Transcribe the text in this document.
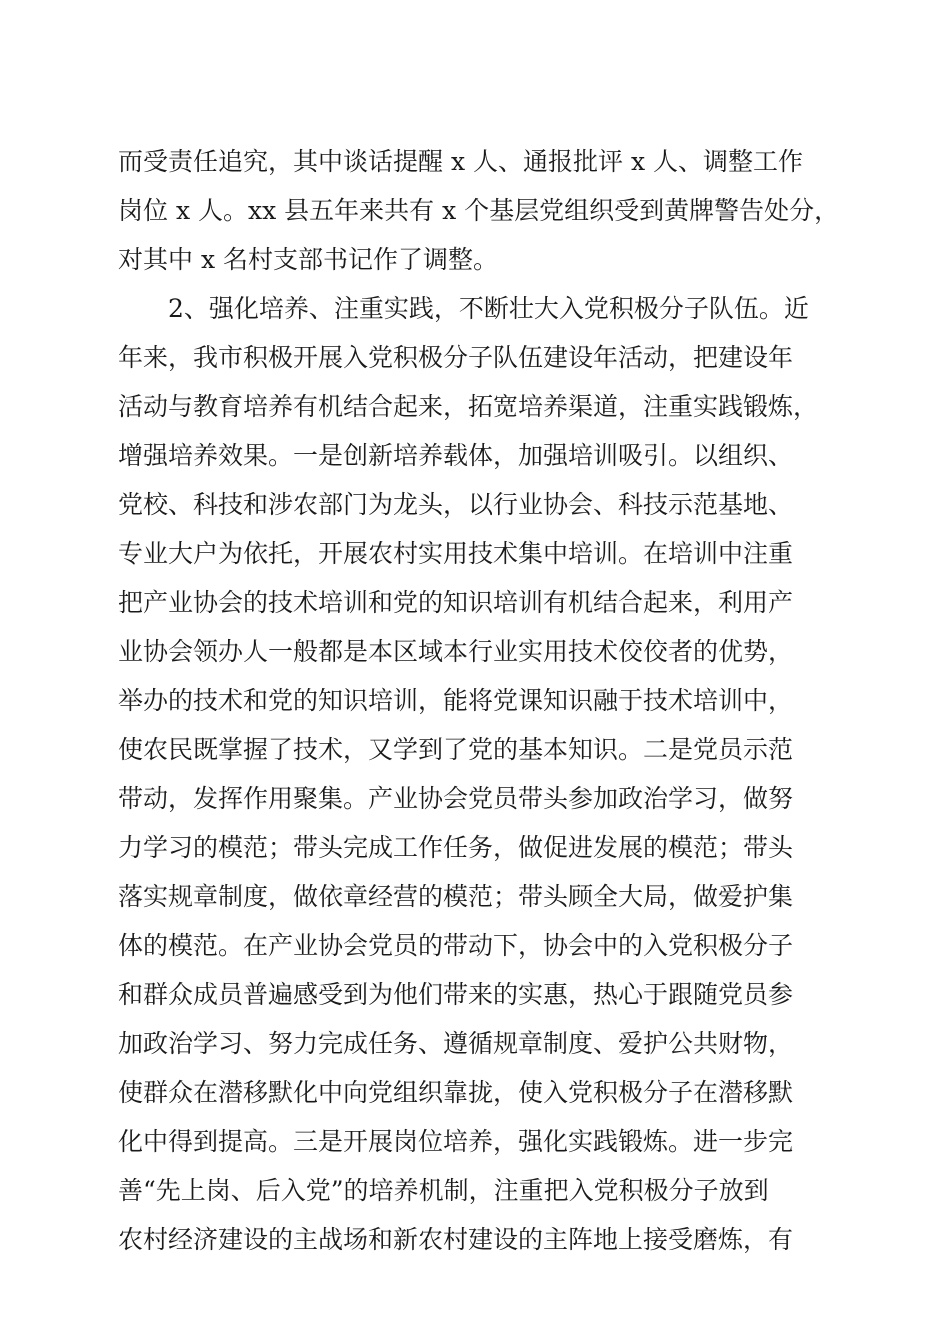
而受责任追究，其中谈话提醒 x 人、通报批评 x 人、调整工作
岗位 x 人。xx 县五年来共有 x 个基层党组织受到黄牌警告处分，
对其中 x 名村支部书记作了调整。
2、强化培养、注重实践，不断壮大入党积极分子队伍。近
年来，我市积极开展入党积极分子队伍建设年活动，把建设年
活动与教育培养有机结合起来，拓宽培养渠道，注重实践锻炼，
增强培养效果。一是创新培养载体，加强培训吸引。以组织、
党校、科技和涉农部门为龙头，以行业协会、科技示范基地、
专业大户为依托，开展农村实用技术集中培训。在培训中注重
把产业协会的技术培训和党的知识培训有机结合起来，利用产
业协会领办人一般都是本区域本行业实用技术佼佼者的优势，
举办的技术和党的知识培训，能将党课知识融于技术培训中，
使农民既掌握了技术，又学到了党的基本知识。二是党员示范
带动，发挥作用聚集。产业协会党员带头参加政治学习，做努
力学习的模范；带头完成工作任务，做促进发展的模范；带头
落实规章制度，做依章经营的模范；带头顾全大局，做爱护集
体的模范。在产业协会党员的带动下，协会中的入党积极分子
和群众成员普遍感受到为他们带来的实惠，热心于跟随党员参
加政治学习、努力完成任务、遵循规章制度、爱护公共财物，
使群众在潜移默化中向党组织靠拢，使入党积极分子在潜移默
化中得到提高。三是开展岗位培养，强化实践锻炼。进一步完
善“先上岗、后入党”的培养机制，注重把入党积极分子放到
农村经济建设的主战场和新农村建设的主阵地上接受磨炼，有
